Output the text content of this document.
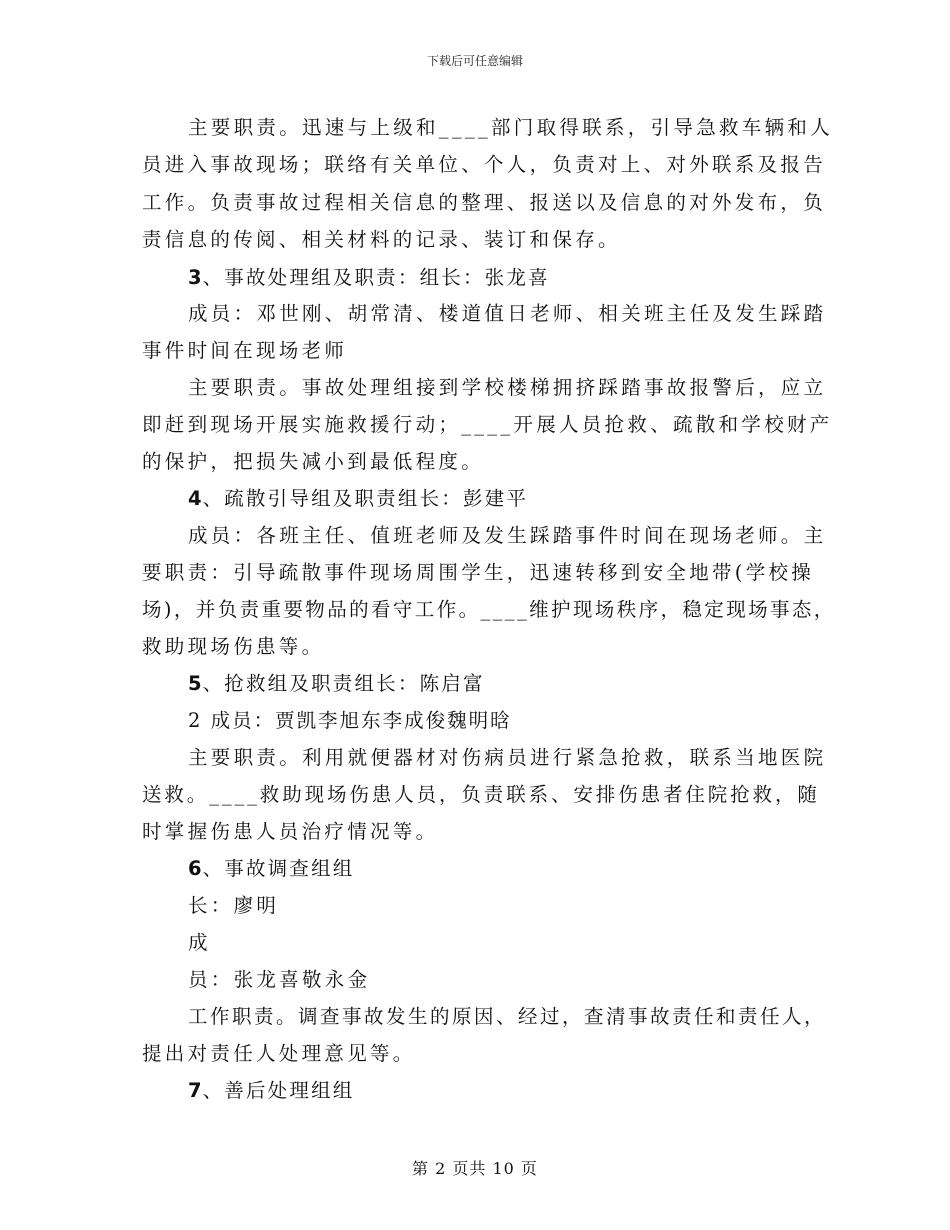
下载后可任意编辑
主要职责。迅速与上级和____部门取得联系，引导急救车辆和人
员进入事故现场；联络有关单位、个人，负责对上、对外联系及报告
工作。负责事故过程相关信息的整理、报送以及信息的对外发布，负
责信息的传阅、相关材料的记录、装订和保存。
3、事故处理组及职责：组长：张龙喜
成员：邓世刚、胡常清、楼道值日老师、相关班主任及发生踩踏
事件时间在现场老师
主要职责。事故处理组接到学校楼梯拥挤踩踏事故报警后，应立
即赶到现场开展实施救援行动；____开展人员抢救、疏散和学校财产
的保护，把损失减小到最低程度。
4、疏散引导组及职责组长：彭建平
成员：各班主任、值班老师及发生踩踏事件时间在现场老师。主
要职责：引导疏散事件现场周围学生，迅速转移到安全地带(学校操
场)，并负责重要物品的看守工作。____维护现场秩序，稳定现场事态，
救助现场伤患等。
5、抢救组及职责组长：陈启富
2 成员：贾凯李旭东李成俊魏明晗
主要职责。利用就便器材对伤病员进行紧急抢救，联系当地医院
送救。____救助现场伤患人员，负责联系、安排伤患者住院抢救，随
时掌握伤患人员治疗情况等。
6、事故调查组组
长：廖明
成
员：张龙喜敬永金
工作职责。调查事故发生的原因、经过，查清事故责任和责任人，
提出对责任人处理意见等。
7、善后处理组组
第 2 页共 10 页
